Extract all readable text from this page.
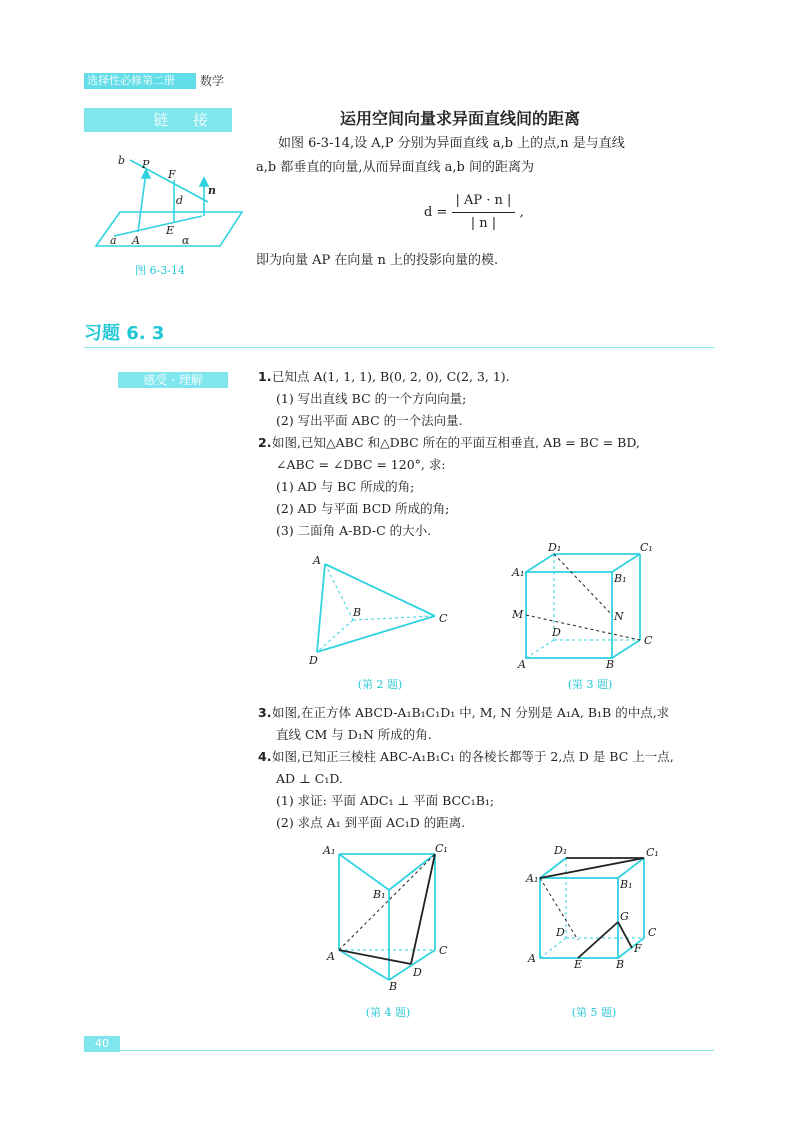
选择性必修第二册	数学
链 接	运用空间向量求异面直线间的距离
b P
F
d
n
a A
E
α
图 6-3-14
如图 6-3-14,设 A,P 分别为异面直线 a,b 上的点,n 是与直线
a,b 都垂直的向量,从而异面直线 a,b 间的距离为
$d = \frac{| AP \cdot n |}{| n |}$ ,
即为向量 AP 在向量 n 上的投影向量的模.
习题 6. 3
感受 · 理解	1.已知点 A(1, 1, 1), B(0, 2, 0), C(2, 3, 1).
(1) 写出直线 BC 的一个方向向量;
(2) 写出平面 ABC 的一个法向量.
2.如图,已知△ABC 和△DBC 所在的平面互相垂直, AB = BC = BD,
∠ABC = ∠DBC = 120°, 求:
(1) AD 与 BC 所成的角;
(2) AD 与平面 BCD 所成的角;
(3) 二面角 A-BD-C 的大小.
A
B	C
D
(第 2 题)
D₁	C₁
A₁	B₁
M	N
D
C
A	B
(第 3 题)
3.如图,在正方体 ABCD-A₁B₁C₁D₁ 中, M, N 分别是 A₁A, B₁B 的中点,求
直线 CM 与 D₁N 所成的角.
4.如图,已知正三棱柱 ABC-A₁B₁C₁ 的各棱长都等于 2,点 D 是 BC 上一点,
AD ⊥ C₁D.
(1) 求证: 平面 ADC₁ ⊥ 平面 BCC₁B₁;
(2) 求点 A₁ 到平面 AC₁D 的距离.
A₁	C₁
B₁
A	C
B
D
(第 4 题)
D₁	C₁
A₁	B₁
G
D	C
F
A	E	B
(第 5 题)
40
